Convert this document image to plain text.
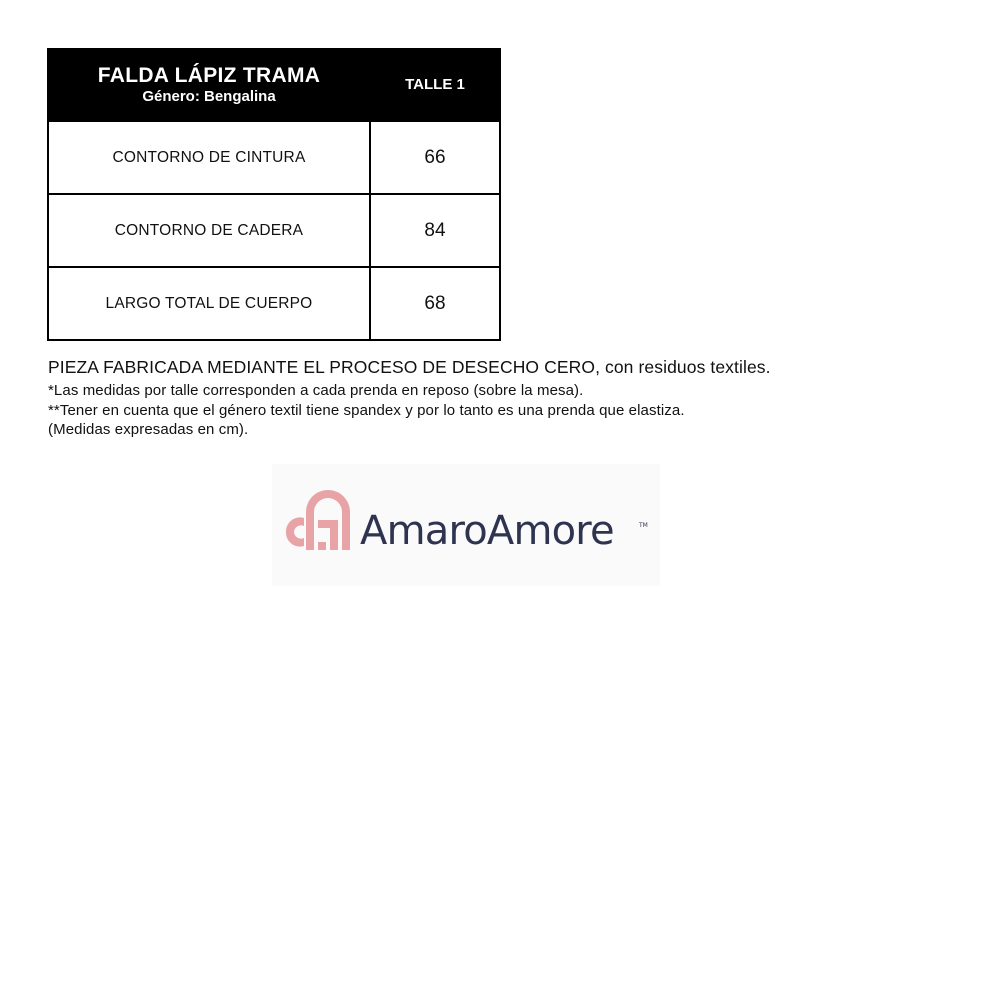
FALDA LÁPIZ TRAMA
Género: Bengalina	TALLE 1
CONTORNO DE CINTURA	66
CONTORNO DE CADERA	84
LARGO TOTAL DE CUERPO	68

PIEZA FABRICADA MEDIANTE EL PROCESO DE DESECHO CERO, con residuos textiles.

*Las medidas por talle corresponden a cada prenda en reposo (sobre la mesa).

**Tener en cuenta que el género textil tiene spandex y por lo tanto es una prenda que elastiza.

(Medidas expresadas en cm).

AmaroAmore	TM
